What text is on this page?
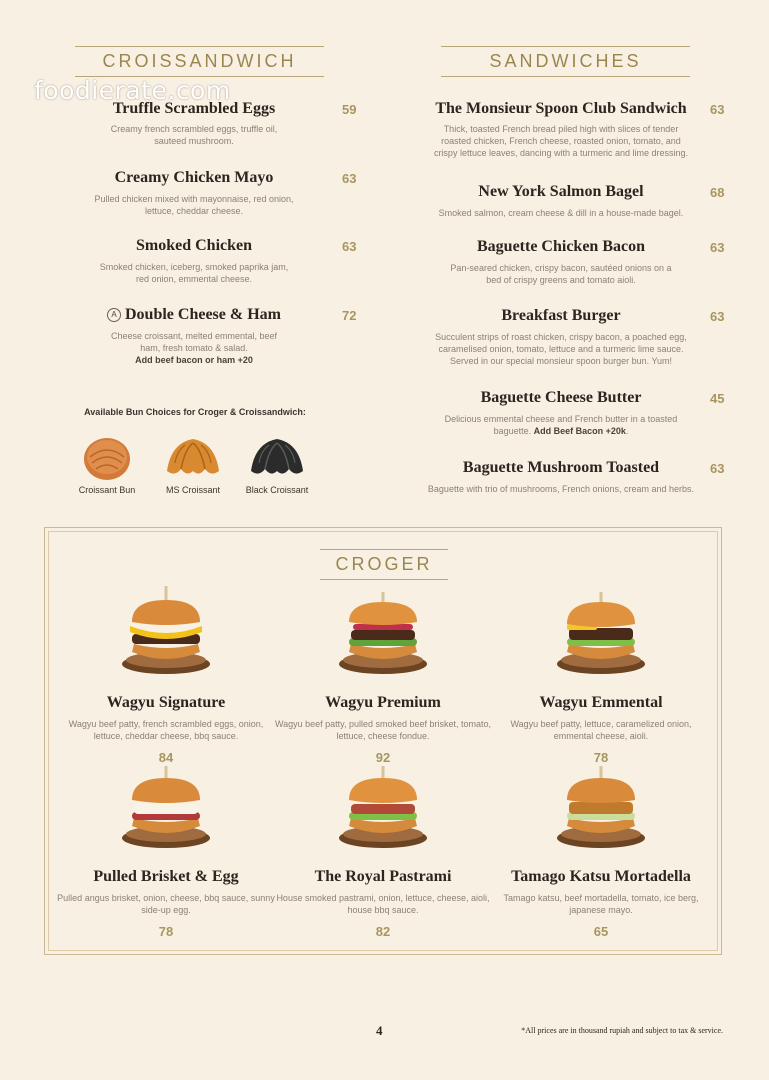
CROISSANDWICH	SANDWICHES
foodierate.com
Truffle Scrambled Eggs
Creamy french scrambled eggs, truffle oil, sauteed mushroom.
59
Creamy Chicken Mayo
Pulled chicken mixed with mayonnaise, red onion, lettuce, cheddar cheese.
63
Smoked Chicken
Smoked chicken, iceberg, smoked paprika jam, red onion, emmental cheese.
63
A Double Cheese & Ham
Cheese croissant, melted emmental, beef ham, fresh tomato & salad.
Add beef bacon or ham +20
72
The Monsieur Spoon Club Sandwich
Thick, toasted French bread piled high with slices of tender roasted chicken, French cheese, roasted onion, tomato, and crispy lettuce leaves, dancing with a turmeric and lime dressing.
63
New York Salmon Bagel
Smoked salmon, cream cheese & dill in a house-made bagel.
68
Baguette Chicken Bacon
Pan-seared chicken, crispy bacon, sautéed onions on a bed of crispy greens and tomato aioli.
63
Breakfast Burger
Succulent strips of roast chicken, crispy bacon, a poached egg, caramelised onion, tomato, lettuce and a turmeric lime sauce. Served in our special monsieur spoon burger bun. Yum!
63
Baguette Cheese Butter
Delicious emmental cheese and French butter in a toasted baguette. Add Beef Bacon +20k.
45
Baguette Mushroom Toasted
Baguette with trio of mushrooms, French onions, cream and herbs.
63
Available Bun Choices for Croger & Croissandwich:
Croissant Bun	MS Croissant	Black Croissant
CROGER
Wagyu Signature
Wagyu beef patty, french scrambled eggs, onion, lettuce, cheddar cheese, bbq sauce.
84
Wagyu Premium
Wagyu beef patty, pulled smoked beef brisket, tomato, lettuce, cheese fondue.
92
Wagyu Emmental
Wagyu beef patty, lettuce, caramelized onion, emmental cheese, aioli.
78
Pulled Brisket & Egg
Pulled angus brisket, onion, cheese, bbq sauce, sunny side-up egg.
78
The Royal Pastrami
House smoked pastrami, onion, lettuce, cheese, aioli, house bbq sauce.
82
Tamago Katsu Mortadella
Tamago katsu, beef mortadella, tomato, ice berg, japanese mayo.
65
4	*All prices are in thousand rupiah and subject to tax & service.
